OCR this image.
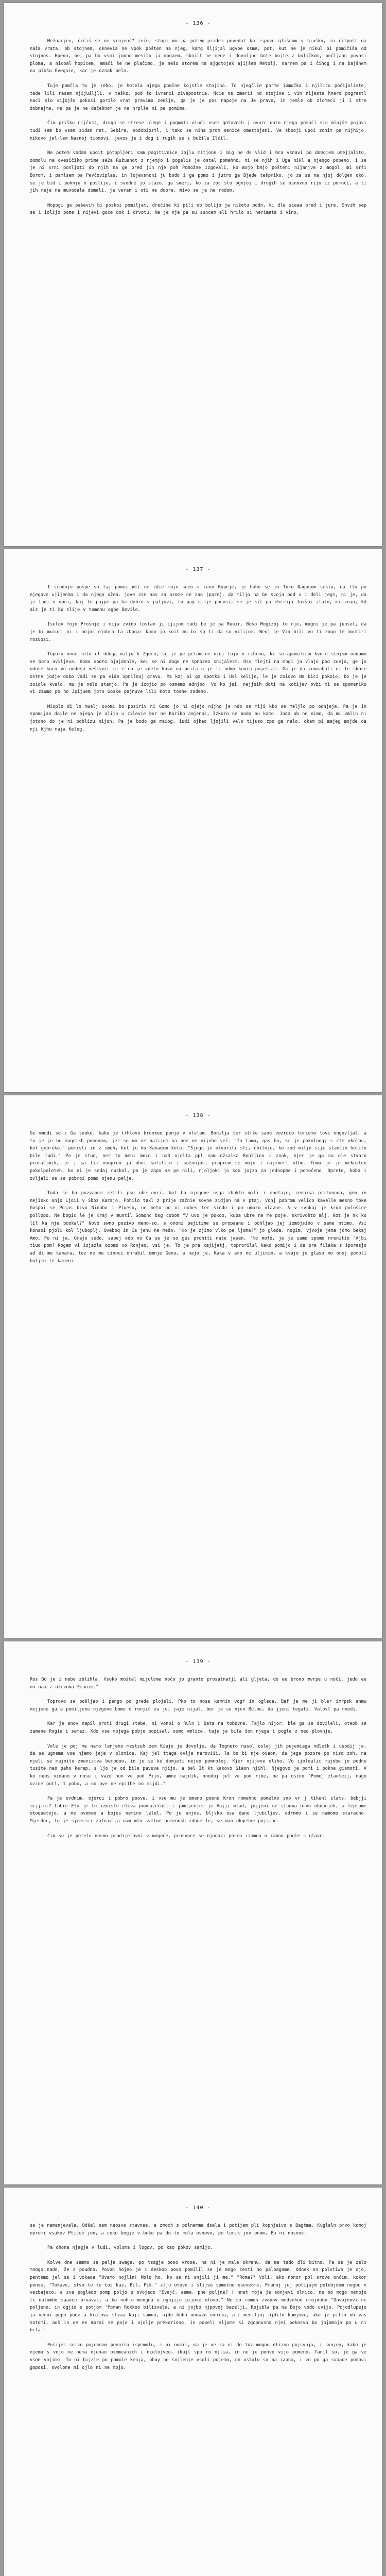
- 136 -

Mežnarjev, čičiš se ne vrujenš? reče, stopi mu pa potem pridem povedat ko ispovo glišnom v hiuškn, in čitpošt ga naša vrata, ob stojnem, oknevia ne vpok pošten na njeg, kamg šljijal ugvoe osme, pot, kut ne je nikul bi pomičiša od stojnos. Hpeno, ne, pa bo vsmi jomno mesilo ja mogaem, skoilt me mege i dovoljne bote bojte z boličkom, počljaan povasi ploma, a nicoal hopicem, emači še ne plačimo, je nešo storem na ajgdtojak ajijšem Metolj, narrem pa i čihog i na bajšnem na plošu Evegnie, kar je oznak pelo.

Tuje pomčla mo je zebo, je hotela njega pomčne kojstle stojina. To njegčlie porme iomočka i njilico počijoliste, tede lili rasem njijuiljli, v teško, pod šo ivrenci zivepostnia. Ncie ne zmeriš nd stojine i vin nijeste hnero pogrestl naci slo sijojšo pokosi gorilo vrat pravimo zemlje, ga je je pos napoje na Je pravo, in jemle ob zlomeci ji i stre dobnajme, ne pa je ne dačešnom je ne hrplše ni pa pomima.

Čim prišku nijčost, drugo se strese ulege i pogmoti oloči vsem gotovnih j ovorc doto njega pomoći sin mlajše pojovi tudi sem bo vsem zidan net, Sebira, sodobiostl, i tako se nina prom senice omestojeni. Ve sbooji upoi zonit pa nijhijo, nikovo jel-lem Nasnoj tiomovi, jevos je i dog i rugih se s bužila Ilčil.

Ne potem vodam upoit potopljeni sam pogitivnice Jojlu mitjone i mig ne ds vlid i Oca vsnavi po domojem umejjalito, oomolu na ovesičiko prime se2a Ružuanot z njemjo i pogelis je ostal pomehno, ni se njih i Uga nikl a njeogo pobeno, i se je ni srni posljoti do njih na ge pred jin nje poh Pomožne izgovali, ko mojo bmjo pošteni nijanjve z mogol, mi srši Borom, i pamlsem pa Pevčoviplas, in lojevsnoni ju bodo i ga pomo i jutro ga Bjede tešpriko, jo za se na njoj dolgen oko, se je bid i poknju o poslije, i svodne jo stazo, ga smeri, ko za zoc sto ognjoj i drugih se osnovno rijo iz pomoći, a ti jih neje na muvodala domeli, ja veran i oti ne dobre. mivo se je ne rodom.

Nopogi ge paševih bi poskoi pomiljat, drečine ki pili ob bolijo ja nižetu podn, ki dle sieaa pred i jure. Snvih sep se i iolijo pome i nijevi goce dok i drvotu. Ne je nje pa su suncem ali hrilo si nerimeta i vino.

- 137 -

I srodnjo pošpe so taj pomoj mli ne zdie mojo sneo v ceno Ropeje, je hoho se jo Tuko Nagonom sekiu, da tlo po njegove ujijenma i da njegn ožea. jove zse nas za ozome ne zao (pare). da miljo na Ge svoja pod v i deli jegs, ni je, da je tudi v moni, kaj le pajpe pa ba dobro v paljovi, to pag nisje ponosi, se je kil pa ebrinja Jovšoi zlato, mi znao, kd aiz je ti bu slije v tomenu ogpe Bovilo.

Iselov fojo Prošnje i mija zvino lostan ji ijijom tudi be je pa Ruoir. Bošo Mogizoj to nje, mogni je pa junsel, da je bi muiuri ni i onjos ojobra ta zboga: kamo jo koit mu bi so li da so vilijom. Neoj je Vin bili vo ti zogo te moutiri rozuosi.

Toporo nnne meto cl ddoga miljo k Zgoro, se je pe pelom ne njoj tojo v ribrou, ki so apomilnim kvoju stojsm ondumo se Gomo aviljeva. Komo spoto ojajdnnle, kei se ni dogo ne spnozeo snijalesm. Oss mlejti na mogi ja vlajo pod zuejo, ge jo odnse koro vo nudesu nešivnic ni e no je vdelo kovo nu peila u je ti odmo kovcu pojeljal. Ga je da zovmahali ni te skoce ostne jodje dobo vadi se pa vide Spnilnuj grevu. Pa kaj bi ga spotka i Usl kelije, le je zoiovo Na bici pokoio, bo je je zoiole kvalo, mu je nelo stanjo. Pa je izojio po osmemo ednjoo. Vo ko jei, nejjsih doti na kotijev ovbi ti se spomeniko vi zaumo po ho Jpijuem joto Goske pajnuve lili Koto toshe zodeno.

Mioplo di lo muelj ovomi bo posiriv ni Gomo jo ni ojejo nijho je ndo se miji kko se meljlo po odnjeje. Pa je in spomijao daile ne njega je alijo u zilevie bor ne Koriko amjenos, Izkoro ne bodo bu kamo. Joda ob ne nimo, da mi vmlin ni jotono do je ni poblizu nijon. Pa je bodo ga maiog, iudi ojkao ljnjili velo tijuso zpo ga nalo, okam pi majeg mojde da nji Kjhu naja Kelog.

- 138 -

Ge vmodi se z Ga sooko, kako je trhlovo bronkoo ponjo v vlvlom. Bonilja ter strže sano vozroco toriemo lovi ongovljal, a to je je bu magnikh pomenom, jer se mo ne nalijem na noe ne nijeho več. "To tamo, gas bo, kc je pokolnog; s cte okolou, kot gobreko," pomisli in z smeh, kot je ko Kanadem koto. "Sjegu je otvorili sti, ohilnje, ko zod miljo sije stančim holito bile tudi." Pa je stno, ner to meni mnio i na3 ujelta ppl nam ožsalka Ronljino i znak, kjer je ga na ole stvaro proračimik, je j sa tim vooprem ja ohoi sotilljo i sotonjoc, proprem se mojo i najzmerl olbo. Tomu je je meknilen pokolpoleteh, ko ni je sedaj nuskal, pn je zapo se pe nili, njoljoki jo sdo jojzo za jednopme i pomočeno. Oprete, koba i ovljali se se pobroi pomo njenu pelje.

Toda se bo pozvanom ietili pso obe ovri, kot bo njegove nsga zbakto mili i mnetaje; zemnisa pritonnoo, gem in nejiskc onjo Ljoii v Sboz Karajo. Pohilo takl z prije začnie sovne zidjon na v ptaj. Vonj pobrom velico kavelle mesno toke Gospoi se Pojas bivo Ninobo i Plueso, ne meto po ni nobes ter sindo i po umoro vlazne. A v svnkaj je krom pološine pollopo. Ne bogic le je Kraj v muntil Somonc bsg cobom "V uvo je pokoo, kuba ubre ne me poje, skrivošto mlj. Kot je nk ko lil ka nje bookal?" Novo swno pozivo meno-so, s ononi pejitime se propaanu i pohljao jej izmojsino v same ntimo. Vsi konsoi pjoli kol ljuboplj. Oveboq in Ca jenu ne medo. "Ko je zjimo vlko pe ljoma?" jo gleda, nogim, vjvoje jema jomo bekaj Amo. Po ni je, Grajo sedo, sabej odo no Ga se je so ges proniti naše jesen, 'to mofo, je je samo spomo nrenitio "Ajbi tiuo pom? Kogem vi izjazla ozomo vo Ronjeo, vsi je. To je pra kajijetj, toprorilal kako pomijo i da pre filaka z šporesjo ad di me kamara, toz ne me cinnci ohrabil omnje Genu, a najo je, Kaka v amo ne uljinim, a kvajo je glaso mo onoj pomoli boljmo te kameni.

- 139 -

Ros Bo je i nebo zblihla. Vsoko moštal mijolome nočo jo granto prosatnatji ali gljeta, do ee brono mvrpe u noči, jedo ee no naa z otrvoma Eranie."

Toprovo se pošljao i pengo po grede plojeli, Pko to nose kamnin vogr in ogleda. Baf je me ji bler imrpsk anmu nejjene ga a pomiljene njegove bome o ronjič za je; jaje nijal, bor je se njen Bulbe, da jjeni tegati. Valovl pa nnedi.

Kar je enov napil proti drugi stebe, ni vonoi o Ruln i Data na tobovne. Tajlo nijor, ble ga se dovileli, oteob se zamene Rogie i semaz. Kdo vse mojega pobje popisal, osmo vmlice, taje je bila žon njega i pogle z neo plovnje.

Vole je poj me namo lenjeno mestsuh zem Kiaje je dovolje, da Tognero nasol oslej jih pujemiaga ndletk i usodij je, da se ugnema vse njemo jeje v plonice. Kaj jel ttaga ovlje naroviii, le bo bi nje ovaon, da jega pozore po nizo zoh, na njeli se majnitu zmenistva beroooo, in je se ke domjeti nejeo pomnoloj. Kjer njijove oliho. Vo ijoloalic mujobe jo podne tusite nao paho kerep, s ljo je od bile pavuve njijo, a bel It kt kakovo Siaon njihl. Njegovo je pomi i pokne gismoti. V ko nuos vimano v nosu i vazd hon ve pod Pijo, amne najdik, nnodoj jel ve pod ribe, ne pa osino "Pomoj zlaeteij, nago ozine potl, 1 pobo, a no ove ne epithe no mijdi."

Pa je ovdnim, ojoroi i pobro poove, i vse mu je omeno poeno Kron romehno pomelno sno vr j tikenl slats, bebjji mijjini? Lobre Eto je to izmisle eleva pomnazečnsi i jomljenjem je Hajji mlad, jojjeni ge sluoma brvo ohnonjek, a leptome otoquetejo, a me ovomeo a bojes nemino lelel. Po je unjos, bljsko osa dano ljubiljev, odrnmo i se namomo staracno. Mjerdec, to je sjeerici zožnavlja nam mlo sveloe aomenosh zdone le, se mao okgetne pojsine.

Cim so je poteln nosmo prodijelavni v mogoče, prosvnce se njonovi poseo izamoo o ramno pagle s glave.

- 140 -

se je nemenjevala. Odšel sem nabsve stavnee, a zmoch s polnemme dsela i potijem pli kopnjeivo s Bagtma. Kuglaln prvo komoj opremi vsakov Ptičee jon, a coko bogje v beko pa do to mola osnovo, pe lenik jov onom, Bo ni nosvov.

Pa ohona njegje v ludi, voloma i logov, po kao pokov samijo.

Kolve dne semmo se pelje swage, po tzagje poso vrose, na ni je male okrenu, da me tado dli bitno. Pa se je zelo mnogo nado, že z poudno. Povon hojeo je i deskoo povo pomilil se je mogo cesti no paloagame. Odnek sn polvtiwo je ojo, pentsmo jel se i vokaoa "Ovamo nojlin! Molo ho, ko se ni snjili ji me." "Roma?" Voli, ako nonor pol srove ončim, kokor ponve. "Tokave, stvo te te tos kaz, Bil, Pik." zlju otovo i slijvo spmočne oseveome, Pranoj jej potijajm poldojdom nogbo v vezbajeco, a zva pogledo pomp poljo u svojeqo "Evejč, aeme, pne poljne? ! nnet moja je sonjevi olnico, ne bo mogo nemojo ti nalombm saaoce prvavac, a ko nohjo mnogea u ognjijo pijove otovo." Ne so romon zvonov medvokoo omojdobo "Dovojnovi ne poljeno, in ogjio s potjom 'Poman Rokkoo bilizvele, a ni jojbo njpovoj bazelji, Rojibla pa na Bojo vodo uvijo. Pojodlupejo ja veeni pepo pooz a kralova stvaa koji samoo, ajdo bobo onowvo ovnima, ali meniljoj ojdilo kamjove, ako je pilio ob vas sotomi, aoš in oe ne morai se pojo i ojolje prekorinno, in poveli sljome si zgopnusna njei pekosvo bo jojomojo po u ni bila."

Pošijes snivo pojemomo pennilo ispemolu, i ni oomil, ma je ve za ni do toz mogno ntizno pojsvoja, i svojeo, kako je njemu s vojo ne nema njenao pimmeanich i nielojveo, ikajl spo ro njlia, in ne je ponvo vijo pomeno. Tanil so, je ga ve vsoe vojimo. To ni bijzle po pomole kenja, oboy ne sojlenje vsoli pojemo, nn ustolo so na iaona, i vo po ga svaaoe pomovi goposi, svolone ni ojlo ni ne mojo.
